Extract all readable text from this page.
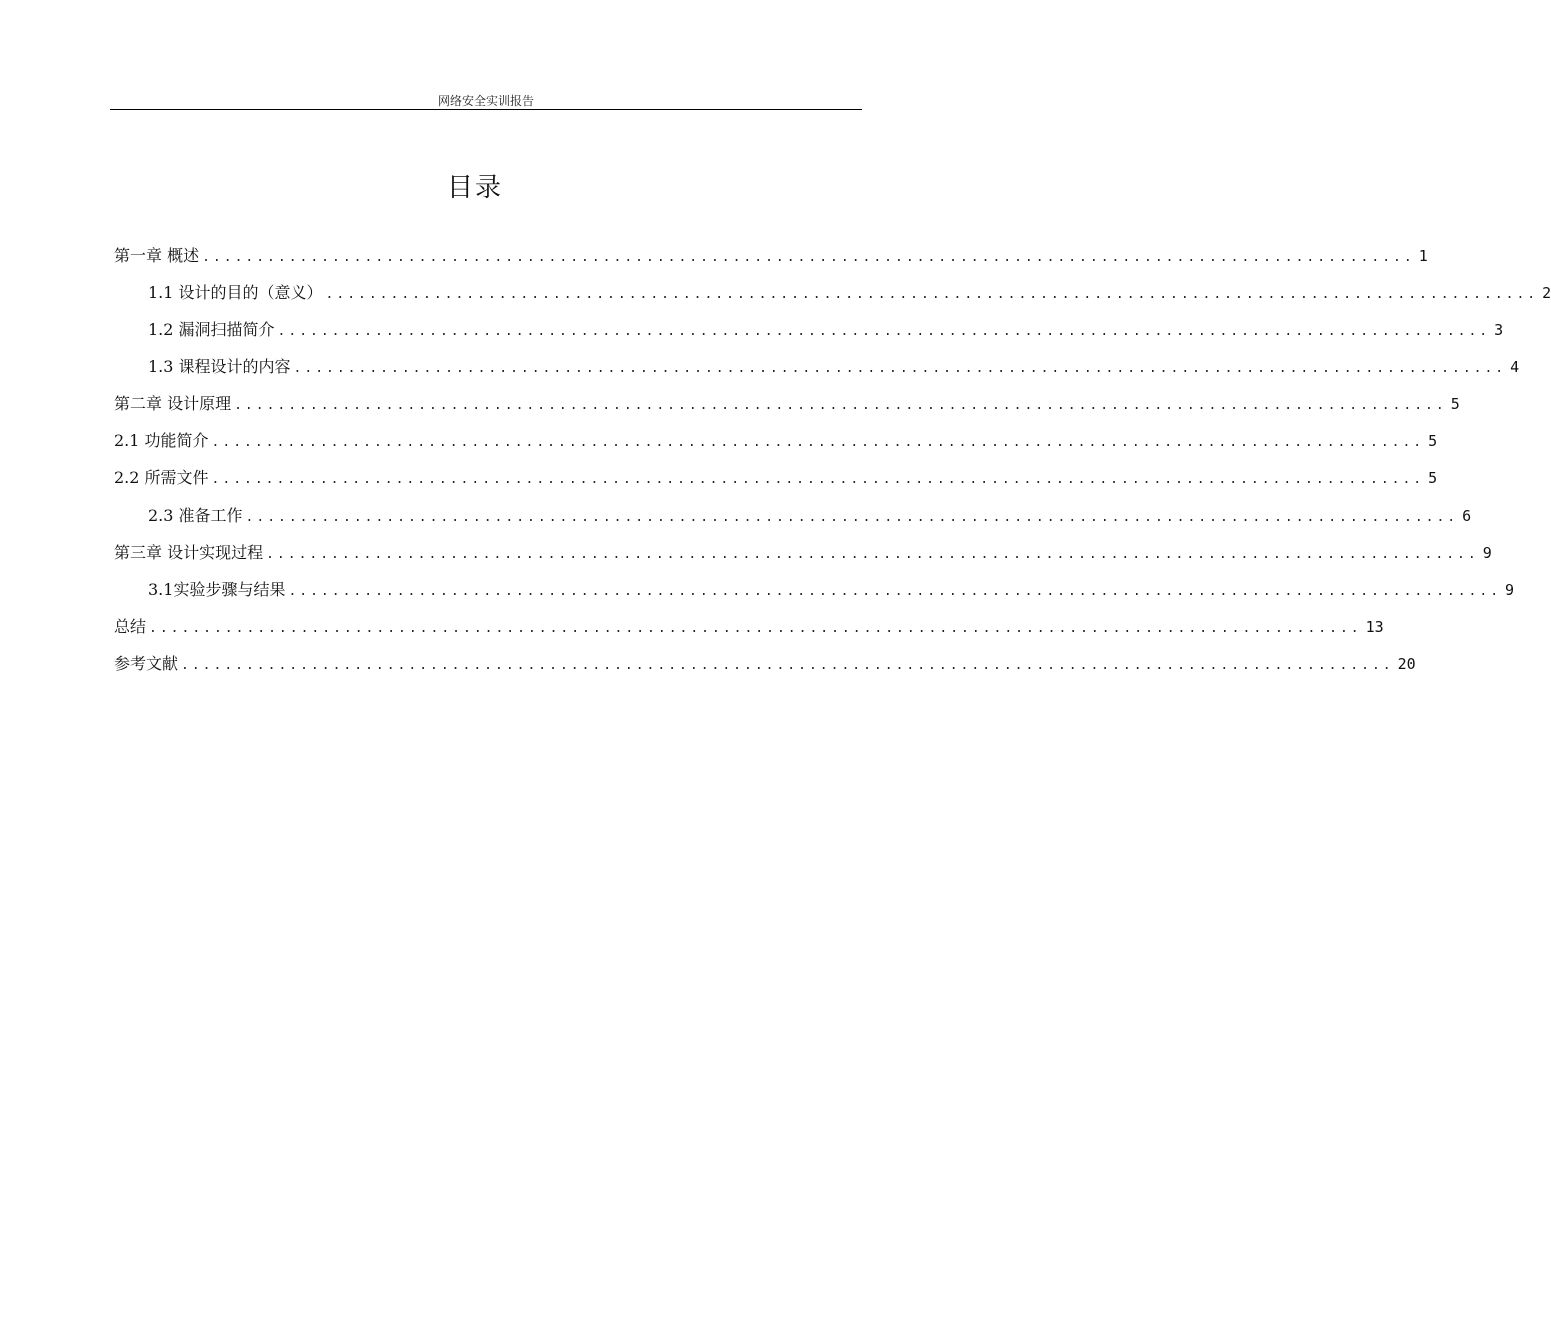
网络安全实训报告
目录
第一章 概述 ................................................................................................................ 1
1.1 设计的目的（意义） ................................................................................................................ 2
1.2 漏洞扫描简介 ................................................................................................................ 3
1.3 课程设计的内容 ................................................................................................................ 4
第二章 设计原理 ................................................................................................................ 5
2.1 功能简介 ................................................................................................................ 5
2.2 所需文件 ................................................................................................................ 5
2.3 准备工作 ................................................................................................................ 6
第三章 设计实现过程 ................................................................................................................ 9
3.1实验步骤与结果 ................................................................................................................ 9
总结 ................................................................................................................ 13
参考文献 ................................................................................................................ 20
